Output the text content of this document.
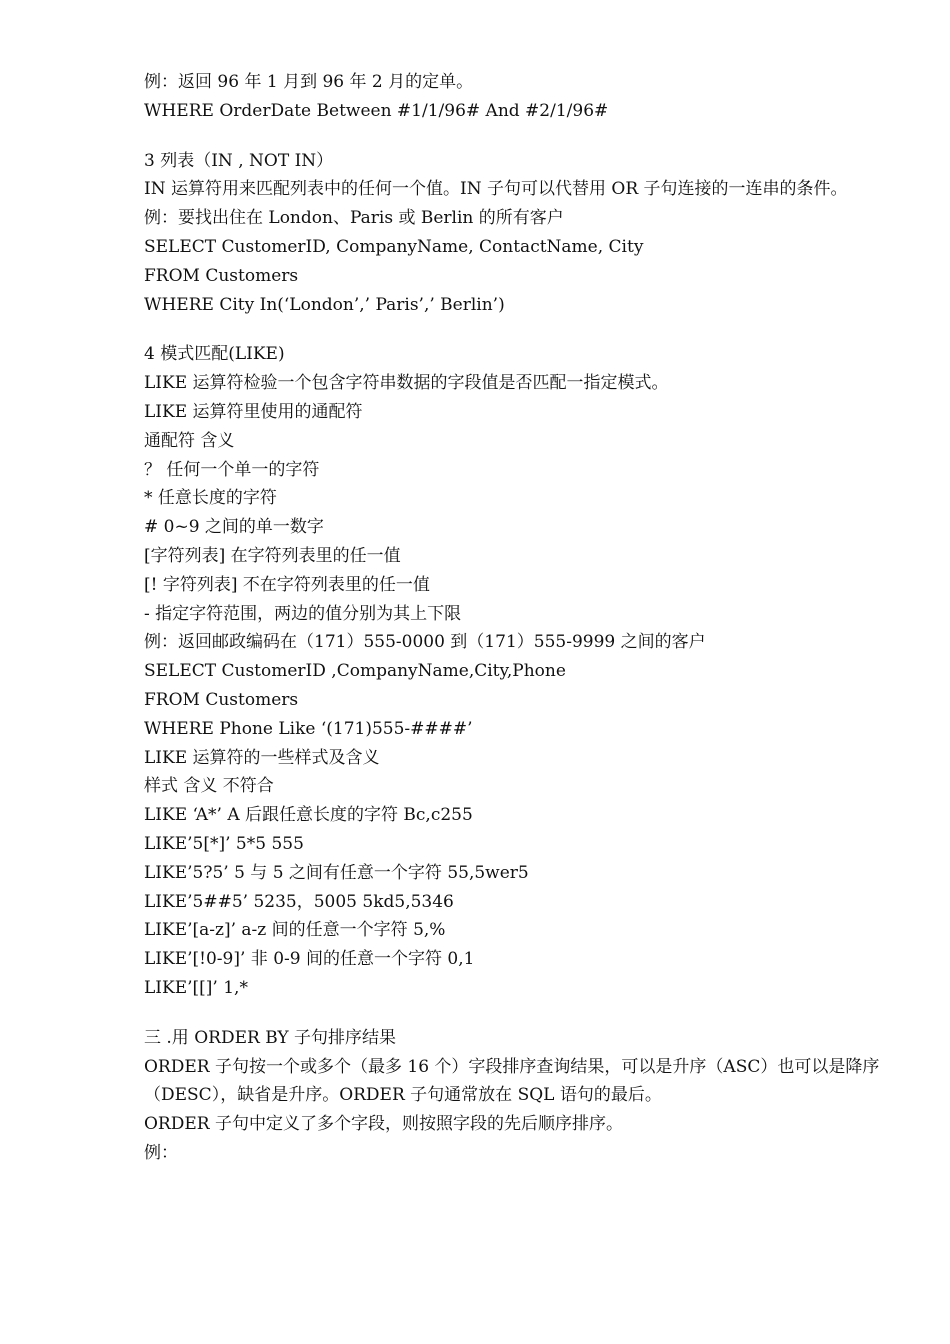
例：返回 96 年 1 月到 96 年 2 月的定单。
WHERE OrderDate Between #1/1/96# And #2/1/96#
3 列表（IN , NOT IN）
IN 运算符用来匹配列表中的任何一个值。IN 子句可以代替用 OR 子句连接的一连串的条件。
例：要找出住在 London、Paris 或 Berlin 的所有客户
SELECT CustomerID, CompanyName, ContactName, City
FROM Customers
WHERE City In(‘London’,’ Paris’,’ Berlin’)
4 模式匹配(LIKE)
LIKE 运算符检验一个包含字符串数据的字段值是否匹配一指定模式。
LIKE 运算符里使用的通配符
通配符 含义
？ 任何一个单一的字符
* 任意长度的字符
# 0~9 之间的单一数字
[字符列表] 在字符列表里的任一值
[! 字符列表] 不在字符列表里的任一值
- 指定字符范围，两边的值分别为其上下限
例：返回邮政编码在（171）555-0000 到（171）555-9999 之间的客户
SELECT CustomerID ,CompanyName,City,Phone
FROM Customers
WHERE Phone Like ‘(171)555-####’
LIKE 运算符的一些样式及含义
样式 含义 不符合
LIKE ‘A*’ A 后跟任意长度的字符 Bc,c255
LIKE’5[*]’ 5*5 555
LIKE’5?5’ 5 与 5 之间有任意一个字符 55,5wer5
LIKE’5##5’ 5235，5005 5kd5,5346
LIKE’[a-z]’ a-z 间的任意一个字符 5,%
LIKE’[!0-9]’ 非 0-9 间的任意一个字符 0,1
LIKE’[[]’ 1,*
三 .用 ORDER BY 子句排序结果
ORDER 子句按一个或多个（最多 16 个）字段排序查询结果，可以是升序（ASC）也可以是降序（DESC），缺省是升序。ORDER 子句通常放在 SQL 语句的最后。
ORDER 子句中定义了多个字段，则按照字段的先后顺序排序。
例：
